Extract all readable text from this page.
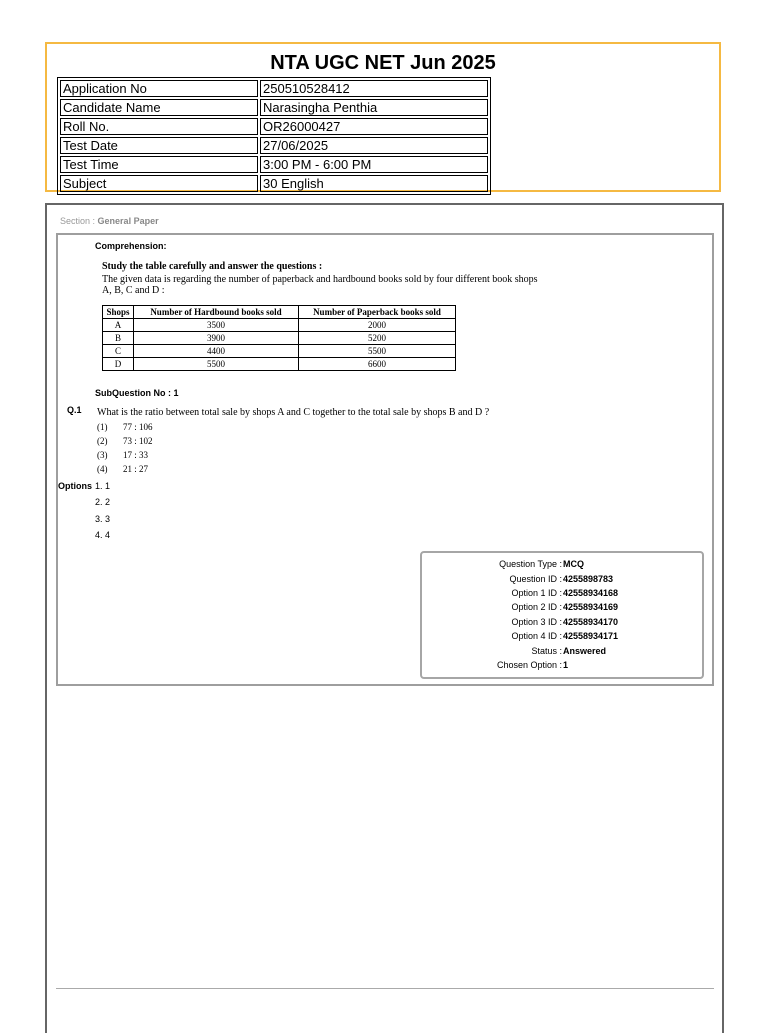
NTA UGC NET Jun 2025
Application No	250510528412
Candidate Name	Narasingha Penthia
Roll No.	OR26000427
Test Date	27/06/2025
Test Time	3:00 PM - 6:00 PM
Subject	30 English
Section : General Paper
Comprehension:
Study the table carefully and answer the questions :
The given data is regarding the number of paperback and hardbound books sold by four different book shops A, B, C and D :
Shops	Number of Hardbound books sold	Number of Paperback books sold
A	3500	2000
B	3900	5200
C	4400	5500
D	5500	6600
SubQuestion No : 1
Q.1 What is the ratio between total sale by shops A and C together to the total sale by shops B and D ?
(1) 77 : 106
(2) 73 : 102
(3) 17 : 33
(4) 21 : 27
Options 1. 1
2. 2
3. 3
4. 4
Question Type : MCQ
Question ID : 4255898783
Option 1 ID : 42558934168
Option 2 ID : 42558934169
Option 3 ID : 42558934170
Option 4 ID : 42558934171
Status : Answered
Chosen Option : 1
